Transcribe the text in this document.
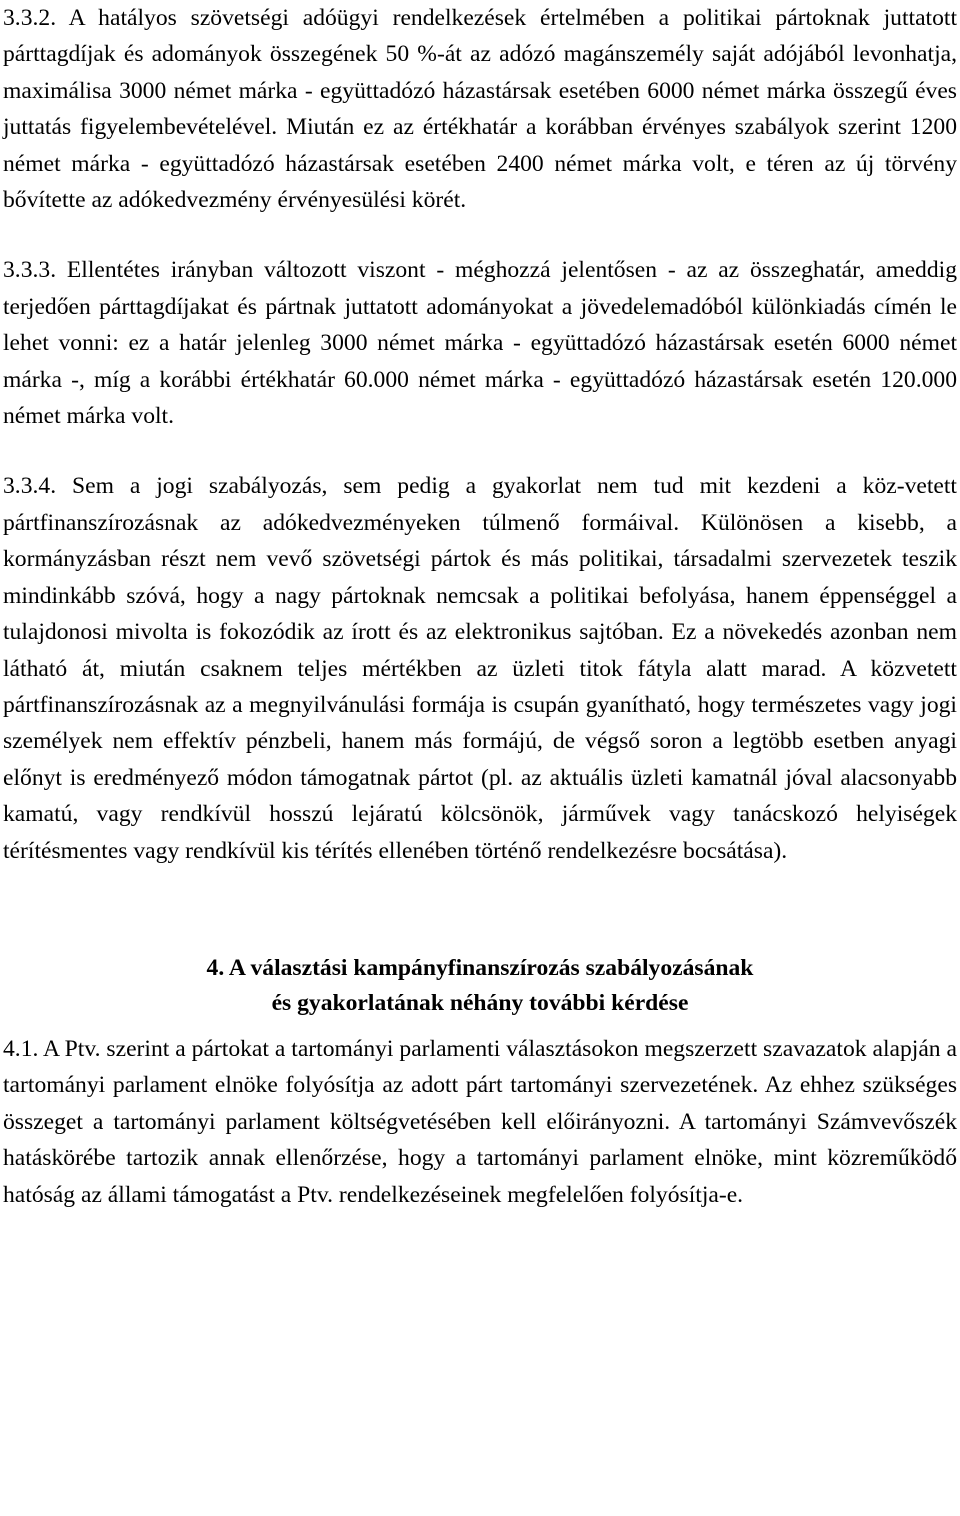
3.3.2. A hatályos szövetségi adóügyi rendelkezések értelmében a politikai pártoknak juttatott párttagdíjak és adományok összegének 50 %-át az adózó magánszemély saját adójából levonhatja, maximálisa 3000 német márka - együttadózó házastársak esetében 6000 német márka összegű éves juttatás figyelembevételével. Miután ez az értékhatár a korábban érvényes szabályok szerint 1200 német márka - együttadózó házastársak esetében 2400 német márka volt, e téren az új törvény bővítette az adókedvezmény érvényesülési körét.

3.3.3. Ellentétes irányban változott viszont - méghozzá jelentősen - az az összeghatár, ameddig terjedően párttagdíjakat és pártnak juttatott adományokat a jövedelemadóból különkiadás címén le lehet vonni: ez a határ jelenleg 3000 német márka - együttadózó házastársak esetén 6000 német márka -, míg a korábbi értékhatár 60.000 német márka - együttadózó házastársak esetén 120.000 német márka volt.

3.3.4. Sem a jogi szabályozás, sem pedig a gyakorlat nem tud mit kezdeni a köz-vetett pártfinanszírozásnak az adókedvezményeken túlmenő formáival. Különösen a kisebb, a kormányzásban részt nem vevő szövetségi pártok és más politikai, társadalmi szervezetek teszik mindinkább szóvá, hogy a nagy pártoknak nemcsak a politikai befolyása, hanem éppenséggel a tulajdonosi mivolta is fokozódik az írott és az elektronikus sajtóban. Ez a növekedés azonban nem látható át, miután csaknem teljes mértékben az üzleti titok fátyla alatt marad. A közvetett pártfinanszírozásnak az a megnyilvánulási formája is csupán gyanítható, hogy természetes vagy jogi személyek nem effektív pénzbeli, hanem más formájú, de végső soron a legtöbb esetben anyagi előnyt is eredményező módon támogatnak pártot (pl. az aktuális üzleti kamatnál jóval alacsonyabb kamatú, vagy rendkívül hosszú lejáratú kölcsönök, járművek vagy tanácskozó helyiségek térítésmentes vagy rendkívül kis térítés ellenében történő rendelkezésre bocsátása).

4. A választási kampányfinanszírozás szabályozásának
és gyakorlatának néhány további kérdése

4.1. A Ptv. szerint a pártokat a tartományi parlamenti választásokon megszerzett szavazatok alapján a tartományi parlament elnöke folyósítja az adott párt tartományi szervezetének. Az ehhez szükséges összeget a tartományi parlament költségvetésében kell előirányozni. A tartományi Számvevőszék hatáskörébe tartozik annak ellenőrzése, hogy a tartományi parlament elnöke, mint közreműködő hatóság az állami támogatást a Ptv. rendelkezéseinek megfelelően folyósítja-e.
